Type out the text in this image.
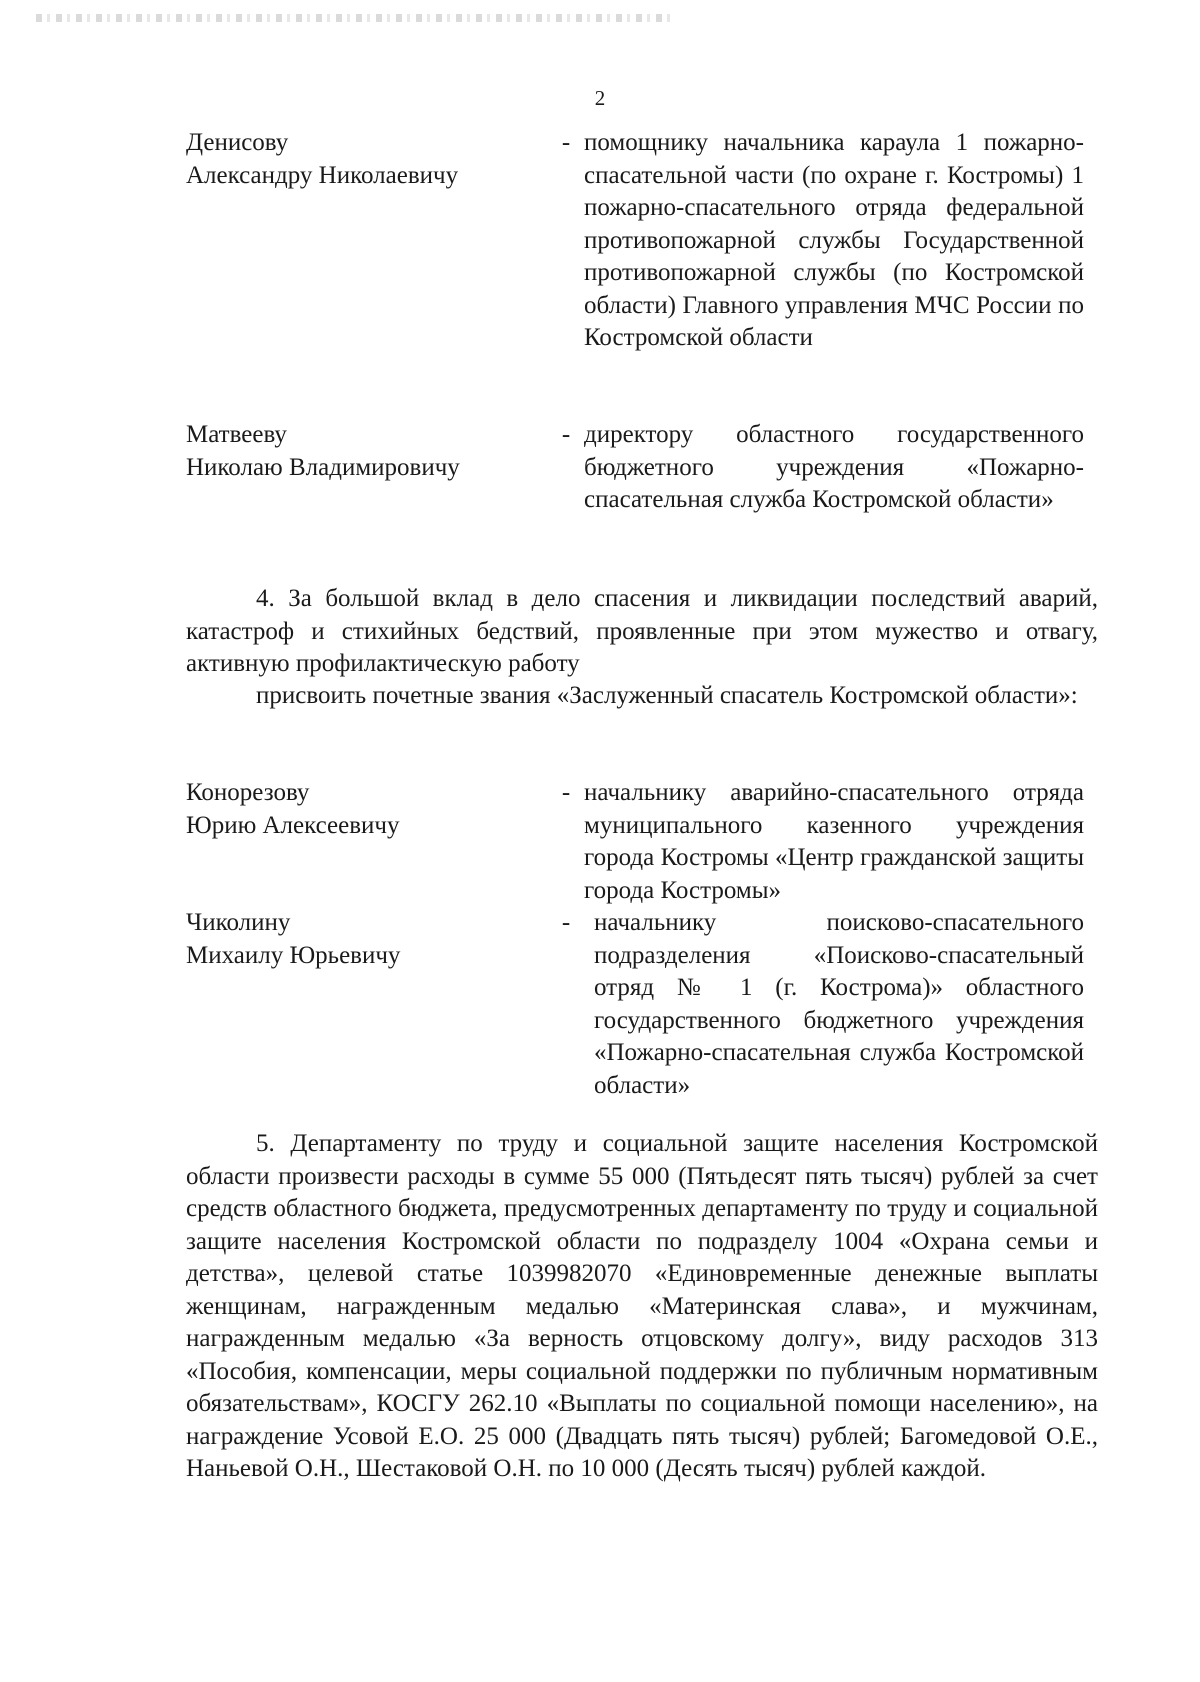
2
Денисову
Александру Николаевичу
- помощнику начальника караула 1 пожарно-спасательной части (по охране г. Костромы) 1 пожарно-спасательного отряда федеральной противопожарной службы Государственной противопожарной службы (по Костромской области) Главного управления МЧС России по Костромской области
Матвееву
Николаю Владимировичу
- директору областного государственного бюджетного учреждения «Пожарно-спасательная служба Костромской области»

4. За большой вклад в дело спасения и ликвидации последствий аварий, катастроф и стихийных бедствий, проявленные при этом мужество и отвагу, активную профилактическую работу

присвоить почетные звания «Заслуженный спасатель Костромской области»:

Конорезову
Юрию Алексеевичу
- начальнику аварийно-спасательного отряда муниципального казенного учреждения города Костромы «Центр гражданской защиты города Костромы»
Чиколину
Михаилу Юрьевичу
- начальнику поисково-спасательного подразделения «Поисково-спасательный отряд № 1 (г. Кострома)» областного государственного бюджетного учреждения «Пожарно-спасательная служба Костромской области»

5. Департаменту по труду и социальной защите населения Костромской области произвести расходы в сумме 55 000 (Пятьдесят пять тысяч) рублей за счет средств областного бюджета, предусмотренных департаменту по труду и социальной защите населения Костромской области по подразделу 1004 «Охрана семьи и детства», целевой статье 1039982070 «Единовременные денежные выплаты женщинам, награжденным медалью «Материнская слава», и мужчинам, награжденным медалью «За верность отцовскому долгу», виду расходов 313 «Пособия, компенсации, меры социальной поддержки по публичным нормативным обязательствам», КОСГУ 262.10 «Выплаты по социальной помощи населению», на награждение Усовой Е.О. 25 000 (Двадцать пять тысяч) рублей; Багомедовой О.Е., Наньевой О.Н., Шестаковой О.Н. по 10 000 (Десять тысяч) рублей каждой.
